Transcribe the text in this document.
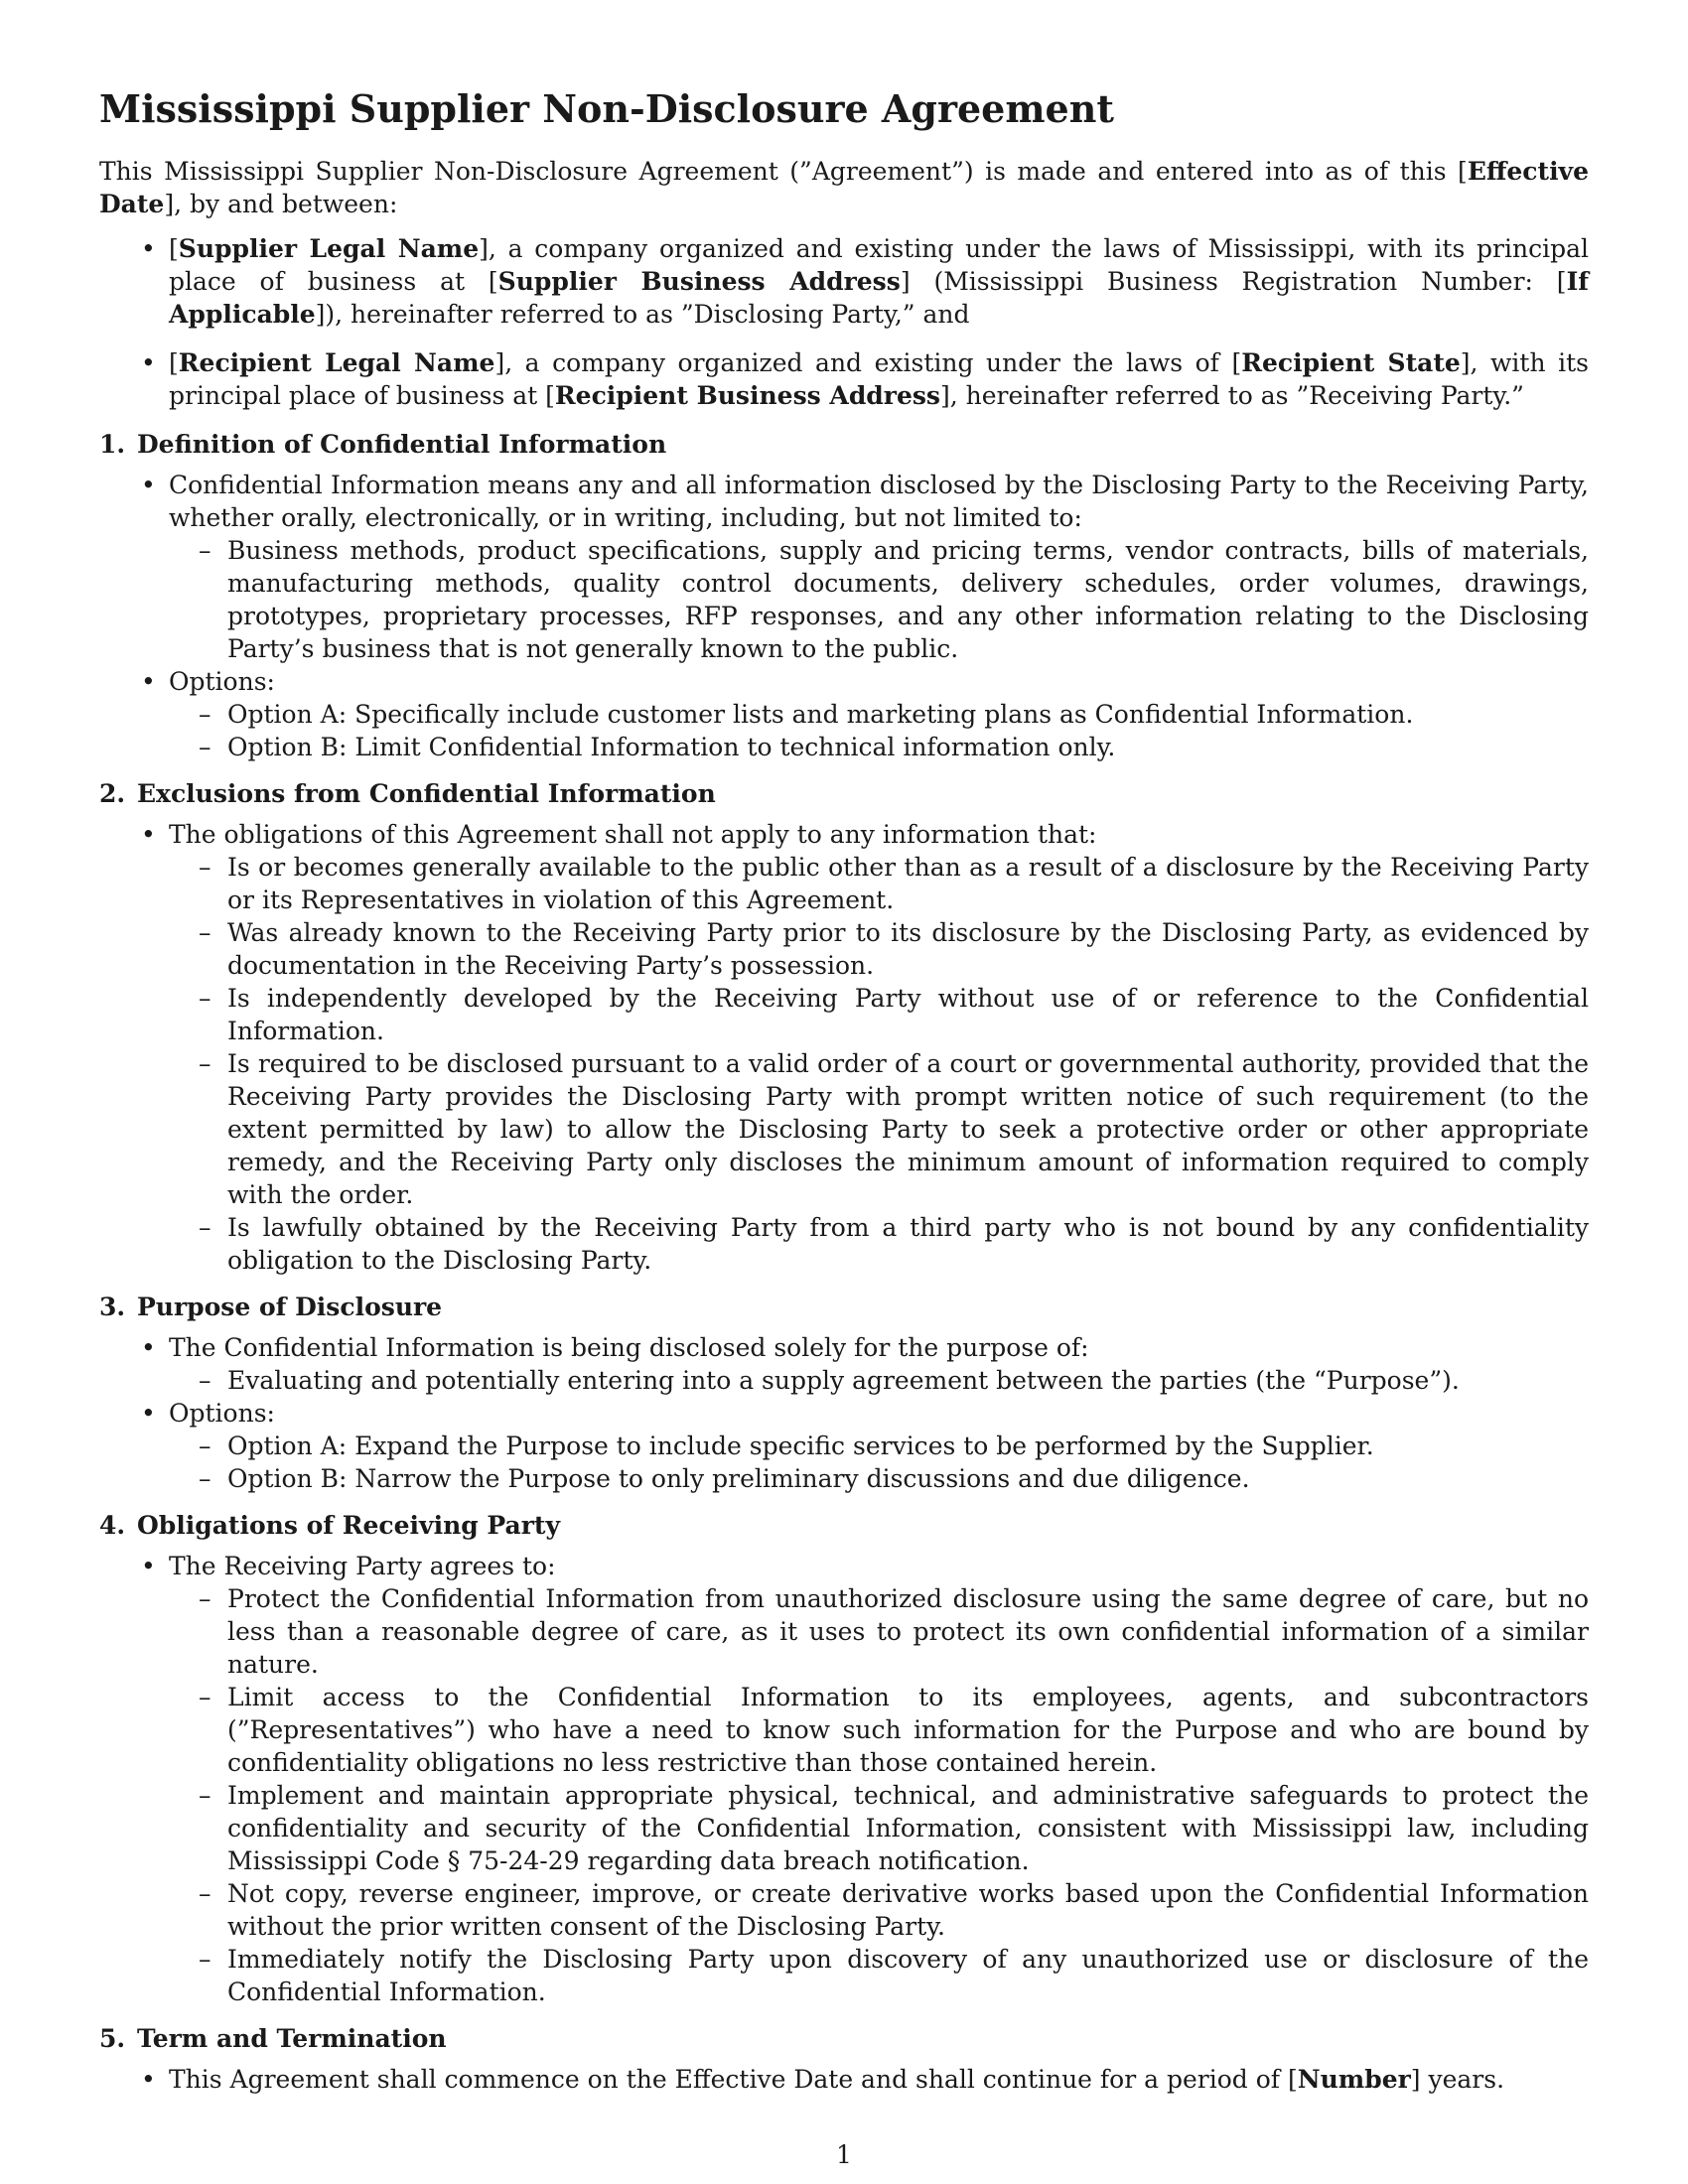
Mississippi Supplier Non-Disclosure Agreement

This Mississippi Supplier Non-Disclosure Agreement (”Agreement”) is made and entered into as of this [Effective Date], by and between:

• [Supplier Legal Name], a company organized and existing under the laws of Mississippi, with its principal place of business at [Supplier Business Address] (Mississippi Business Registration Number: [If Applicable]), hereinafter referred to as ”Disclosing Party,” and
• [Recipient Legal Name], a company organized and existing under the laws of [Recipient State], with its principal place of business at [Recipient Business Address], hereinafter referred to as ”Receiving Party.”
1. Definition of Confidential Information
• Confidential Information means any and all information disclosed by the Disclosing Party to the Receiving Party, whether orally, electronically, or in writing, including, but not limited to:
– Business methods, product specifications, supply and pricing terms, vendor contracts, bills of materials, manufacturing methods, quality control documents, delivery schedules, order volumes, drawings, prototypes, proprietary processes, RFP responses, and any other information relating to the Disclosing Party’s business that is not generally known to the public.
• Options:
– Option A: Specifically include customer lists and marketing plans as Confidential Information.
– Option B: Limit Confidential Information to technical information only.
2. Exclusions from Confidential Information
• The obligations of this Agreement shall not apply to any information that:
– Is or becomes generally available to the public other than as a result of a disclosure by the Receiving Party or its Representatives in violation of this Agreement.
– Was already known to the Receiving Party prior to its disclosure by the Disclosing Party, as evidenced by documentation in the Receiving Party’s possession.
– Is independently developed by the Receiving Party without use of or reference to the Confidential Information.
– Is required to be disclosed pursuant to a valid order of a court or governmental authority, provided that the Receiving Party provides the Disclosing Party with prompt written notice of such requirement (to the extent permitted by law) to allow the Disclosing Party to seek a protective order or other appropriate remedy, and the Receiving Party only discloses the minimum amount of information required to comply with the order.
– Is lawfully obtained by the Receiving Party from a third party who is not bound by any confidentiality obligation to the Disclosing Party.
3. Purpose of Disclosure
• The Confidential Information is being disclosed solely for the purpose of:
– Evaluating and potentially entering into a supply agreement between the parties (the “Purpose”).
• Options:
– Option A: Expand the Purpose to include specific services to be performed by the Supplier.
– Option B: Narrow the Purpose to only preliminary discussions and due diligence.
4. Obligations of Receiving Party
• The Receiving Party agrees to:
– Protect the Confidential Information from unauthorized disclosure using the same degree of care, but no less than a reasonable degree of care, as it uses to protect its own confidential information of a similar nature.
– Limit access to the Confidential Information to its employees, agents, and subcontractors (”Representatives”) who have a need to know such information for the Purpose and who are bound by confidentiality obligations no less restrictive than those contained herein.
– Implement and maintain appropriate physical, technical, and administrative safeguards to protect the confidentiality and security of the Confidential Information, consistent with Mississippi law, including Mississippi Code § 75-24-29 regarding data breach notification.
– Not copy, reverse engineer, improve, or create derivative works based upon the Confidential Information without the prior written consent of the Disclosing Party.
– Immediately notify the Disclosing Party upon discovery of any unauthorized use or disclosure of the Confidential Information.
5. Term and Termination
• This Agreement shall commence on the Effective Date and shall continue for a period of [Number] years.
1
